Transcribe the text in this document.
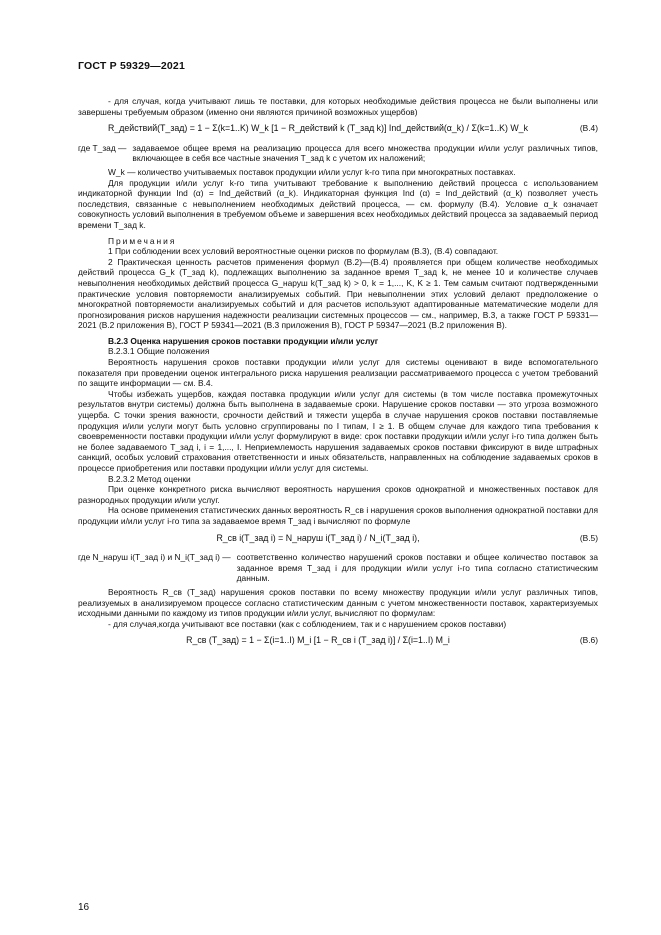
ГОСТ Р 59329—2021

- для случая, когда учитывают лишь те поставки, для которых необходимые действия процесса не были выполнены или завершены требуемым образом (именно они являются причиной возможных ущербов)

R_действий(T_зад) = 1 − Σ(k=1..K) W_k [1 − R_действий k (T_зад k)] Ind_действий(α_k) / Σ(k=1..K) W_k	(B.4)
где T_зад — задаваемое общее время на реализацию процесса для всего множества продукции и/или услуг различных типов, включающее в себя все частные значения T_зад k с учетом их наложений;

W_k — количество учитываемых поставок продукции и/или услуг k-го типа при многократных поставках.

Для продукции и/или услуг k-го типа учитывают требование к выполнению действий процесса с использованием индикаторной функции Ind (α) = Ind_действий (α_k). Индикаторная функция Ind (α) = Ind_действий (α_k) позволяет учесть последствия, связанные с невыполнением необходимых действий процесса, — см. формулу (B.4). Условие α_k означает совокупность условий выполнения в требуемом объеме и завершения всех необходимых действий процесса за задаваемый период времени T_зад k.

Примечания

1 При соблюдении всех условий вероятностные оценки рисков по формулам (B.3), (B.4) совпадают.

2 Практическая ценность расчетов применения формул (B.2)—(B.4) проявляется при общем количестве необходимых действий процесса G_k (T_зад k), подлежащих выполнению за заданное время T_зад k, не менее 10 и количестве случаев невыполнения необходимых действий процесса G_наруш k(T_зад k) > 0, k = 1,..., K, K ≥ 1. Тем самым считают подтвержденными практические условия повторяемости анализируемых событий. При невыполнении этих условий делают предположение о многократной повторяемости анализируемых событий и для расчетов используют адаптированные математические модели для прогнозирования рисков нарушения надежности реализации системных процессов — см., например, B.3, а также ГОСТ Р 59331—2021 (B.2 приложения B), ГОСТ Р 59341—2021 (B.3 приложения B), ГОСТ Р 59347—2021 (B.2 приложения B).

B.2.3 Оценка нарушения сроков поставки продукции и/или услуг

B.2.3.1 Общие положения

Вероятность нарушения сроков поставки продукции и/или услуг для системы оценивают в виде вспомогательного показателя при проведении оценок интегрального риска нарушения реализации рассматриваемого процесса с учетом требований по защите информации — см. B.4.

Чтобы избежать ущербов, каждая поставка продукции и/или услуг для системы (в том числе поставка промежуточных результатов внутри системы) должна быть выполнена в задаваемые сроки. Нарушение сроков поставки — это угроза возможного ущерба. С точки зрения важности, срочности действий и тяжести ущерба в случае нарушения сроков поставки поставляемые продукция и/или услуги могут быть условно сгруппированы по I типам, I ≥ 1. В общем случае для каждого типа требования к своевременности поставки продукции и/или услуг формулируют в виде: срок поставки продукции и/или услуг i-го типа должен быть не более задаваемого T_зад i, i = 1,..., I. Неприемлемость нарушения задаваемых сроков поставки фиксируют в виде штрафных санкций, особых условий страхования ответственности и иных обязательств, направленных на соблюдение задаваемых сроков в процессе приобретения или поставки продукции и/или услуг для системы.

B.2.3.2 Метод оценки

При оценке конкретного риска вычисляют вероятность нарушения сроков однократной и множественных поставок для разнородных продукции и/или услуг.

На основе применения статистических данных вероятность R_св i нарушения сроков выполнения однократной поставки для продукции и/или услуг i-го типа за задаваемое время T_зад i вычисляют по формуле

R_св i(T_зад i) = N_наруш i(T_зад i) / N_i(T_зад i),	(B.5)
где N_наруш i(T_зад i) и N_i(T_зад i) — соответственно количество нарушений сроков поставки и общее количество поставок за заданное время T_зад i для продукции и/или услуг i-го типа согласно статистическим данным.

Вероятность R_св (T_зад) нарушения сроков поставки по всему множеству продукции и/или услуг различных типов, реализуемых в анализируемом процессе согласно статистическим данным с учетом множественности поставок, характеризуемых исходными данными по каждому из типов продукции и/или услуг, вычисляют по формулам:

- для случая,когда учитывают все поставки (как с соблюдением, так и с нарушением сроков поставки)

R_св (T_зад) = 1 − Σ(i=1..I) M_i [1 − R_св i (T_зад i)] / Σ(i=1..I) M_i	(B.6)
16
